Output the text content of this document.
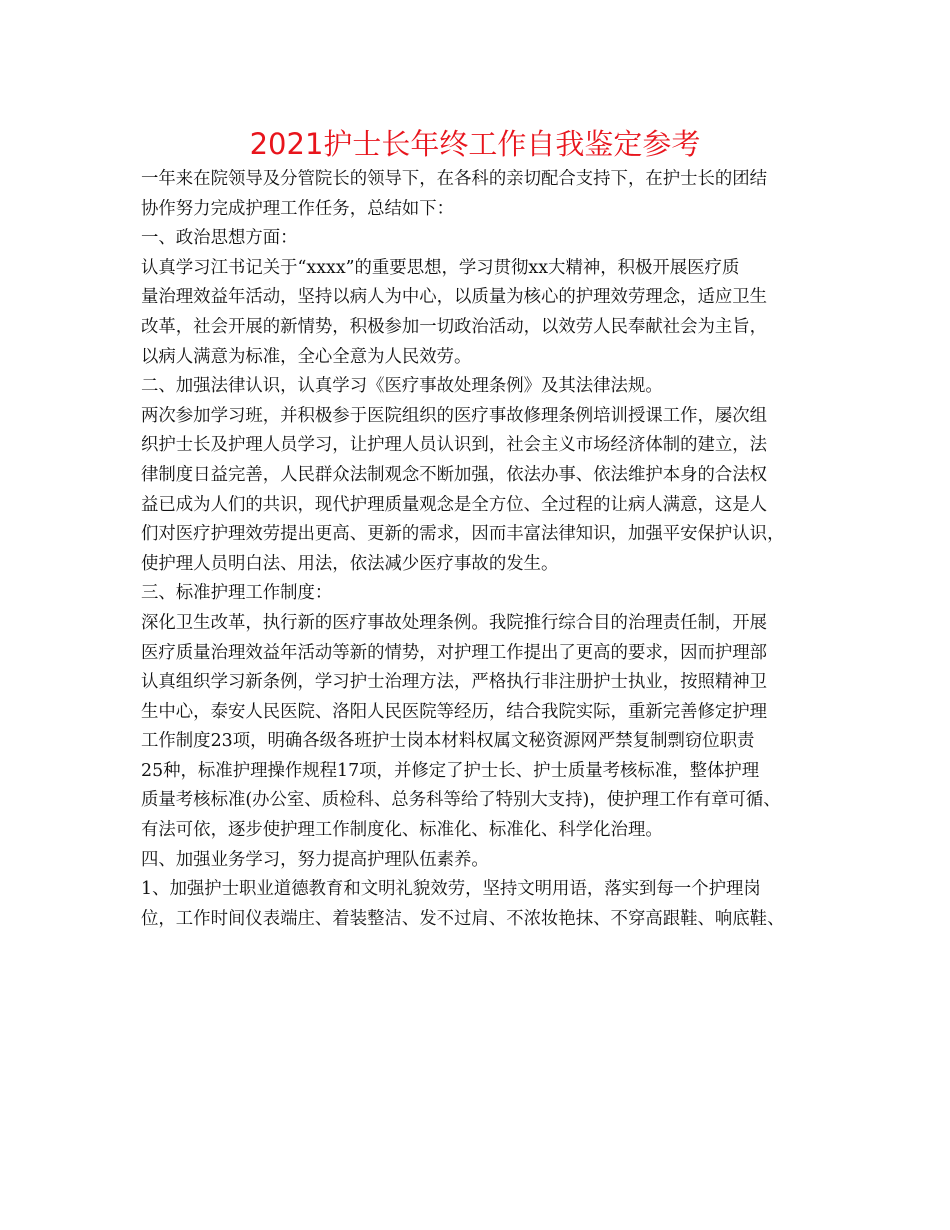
2021护士长年终工作自我鉴定参考
一年来在院领导及分管院长的领导下，在各科的亲切配合支持下，在护士长的团结
协作努力完成护理工作任务，总结如下：
一、政治思想方面：
认真学习江书记关于“xxxx”的重要思想，学习贯彻xx大精神，积极开展医疗质
量治理效益年活动，坚持以病人为中心，以质量为核心的护理效劳理念，适应卫生
改革，社会开展的新情势，积极参加一切政治活动，以效劳人民奉献社会为主旨，
以病人满意为标准，全心全意为人民效劳。
二、加强法律认识，认真学习《医疗事故处理条例》及其法律法规。
两次参加学习班，并积极参于医院组织的医疗事故修理条例培训授课工作，屡次组
织护士长及护理人员学习，让护理人员认识到，社会主义市场经济体制的建立，法
律制度日益完善，人民群众法制观念不断加强，依法办事、依法维护本身的合法权
益已成为人们的共识，现代护理质量观念是全方位、全过程的让病人满意，这是人
们对医疗护理效劳提出更高、更新的需求，因而丰富法律知识，加强平安保护认识，
使护理人员明白法、用法，依法减少医疗事故的发生。
三、标准护理工作制度：
深化卫生改革，执行新的医疗事故处理条例。我院推行综合目的治理责任制，开展
医疗质量治理效益年活动等新的情势，对护理工作提出了更高的要求，因而护理部
认真组织学习新条例，学习护士治理方法，严格执行非注册护士执业，按照精神卫
生中心，泰安人民医院、洛阳人民医院等经历，结合我院实际，重新完善修定护理
工作制度23项，明确各级各班护士岗本材料权属文秘资源网严禁复制剽窃位职责
25种，标准护理操作规程17项，并修定了护士长、护士质量考核标准，整体护理
质量考核标准(办公室、质检科、总务科等给了特别大支持)，使护理工作有章可循、
有法可依，逐步使护理工作制度化、标准化、标准化、科学化治理。
四、加强业务学习，努力提高护理队伍素养。
1、加强护士职业道德教育和文明礼貌效劳，坚持文明用语，落实到每一个护理岗
位，工作时间仪表端庄、着装整洁、发不过肩、不浓妆艳抹、不穿高跟鞋、响底鞋、
